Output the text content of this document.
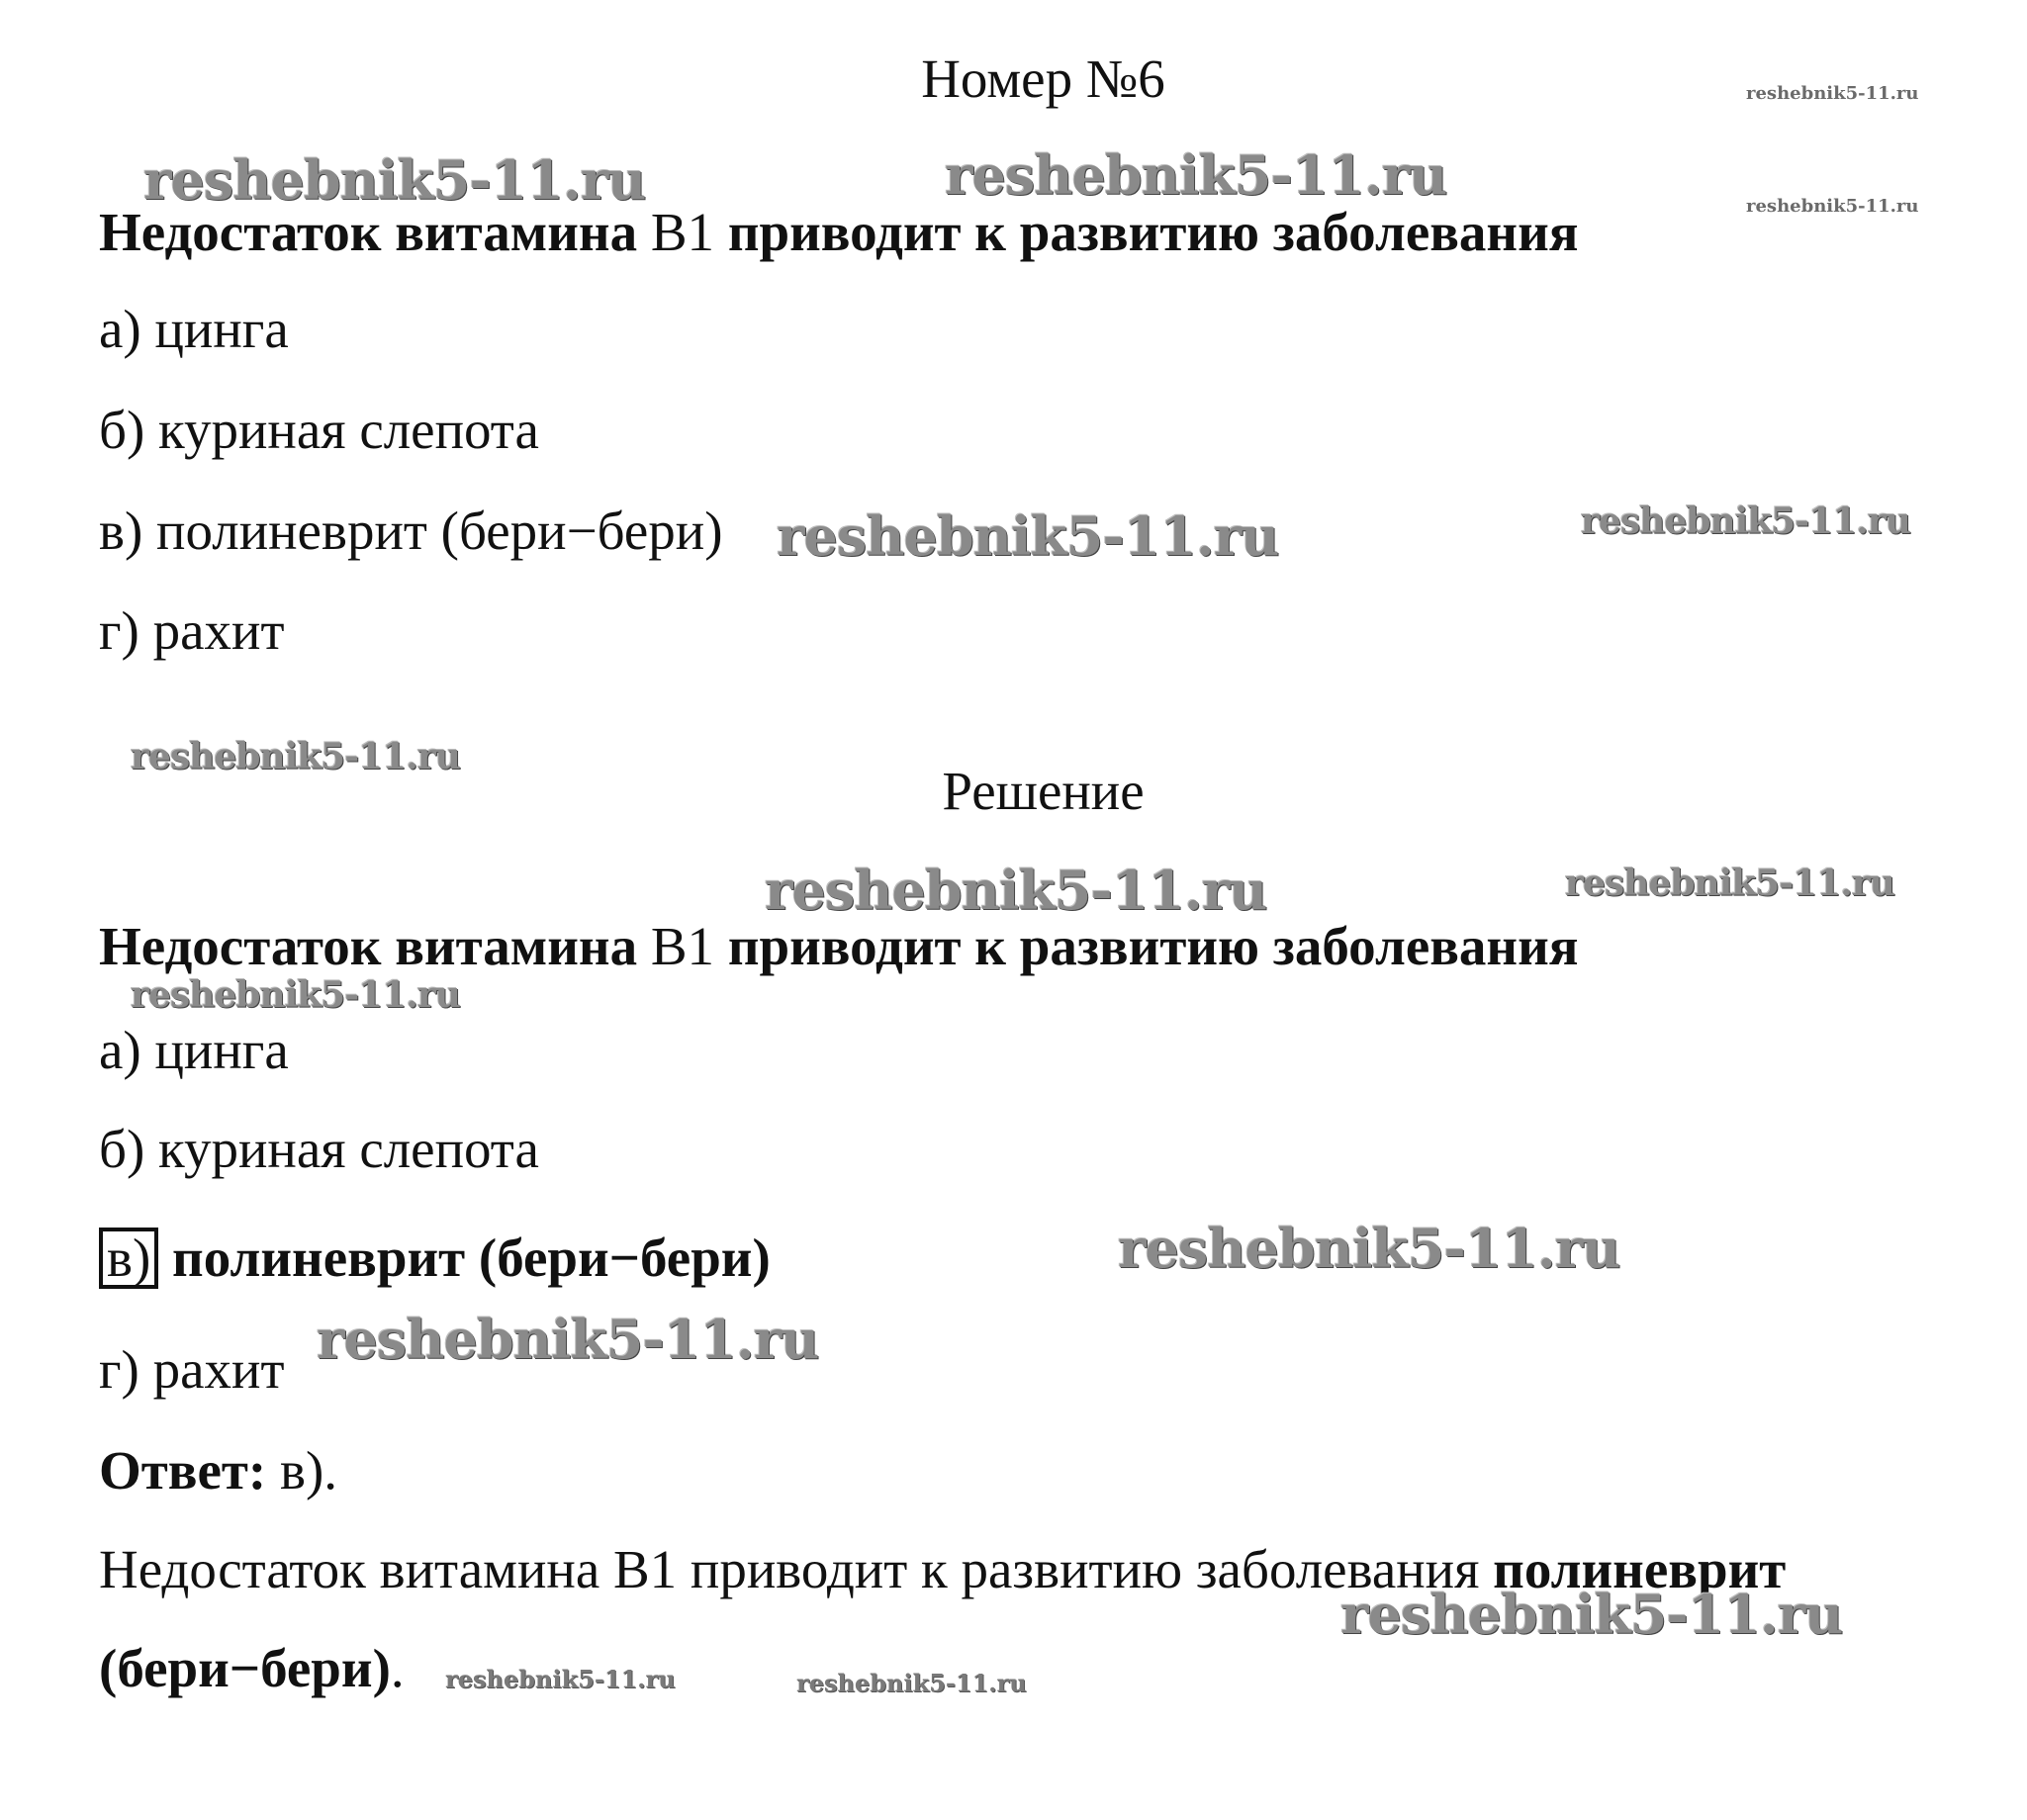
Номер №6
Недостаток витамина B1 приводит к развитию заболевания
а) цинга
б) куриная слепота
в) полиневрит (бери−бери)
г) рахит
Решение
Недостаток витамина B1 приводит к развитию заболевания
а) цинга
б) куриная слепота
в) полиневрит (бери−бери)
г) рахит
Ответ: в).
Недостаток витамина B1 приводит к развитию заболевания полиневрит
(бери−бери).
reshebnik5-11.ru
reshebnik5-11.ru	reshebnik5-11.ru	reshebnik5-11.ru
reshebnik5-11.ru	reshebnik5-11.ru
reshebnik5-11.ru
reshebnik5-11.ru	reshebnik5-11.ru
reshebnik5-11.ru
reshebnik5-11.ru
reshebnik5-11.ru
reshebnik5-11.ru
reshebnik5-11.ru	reshebnik5-11.ru
